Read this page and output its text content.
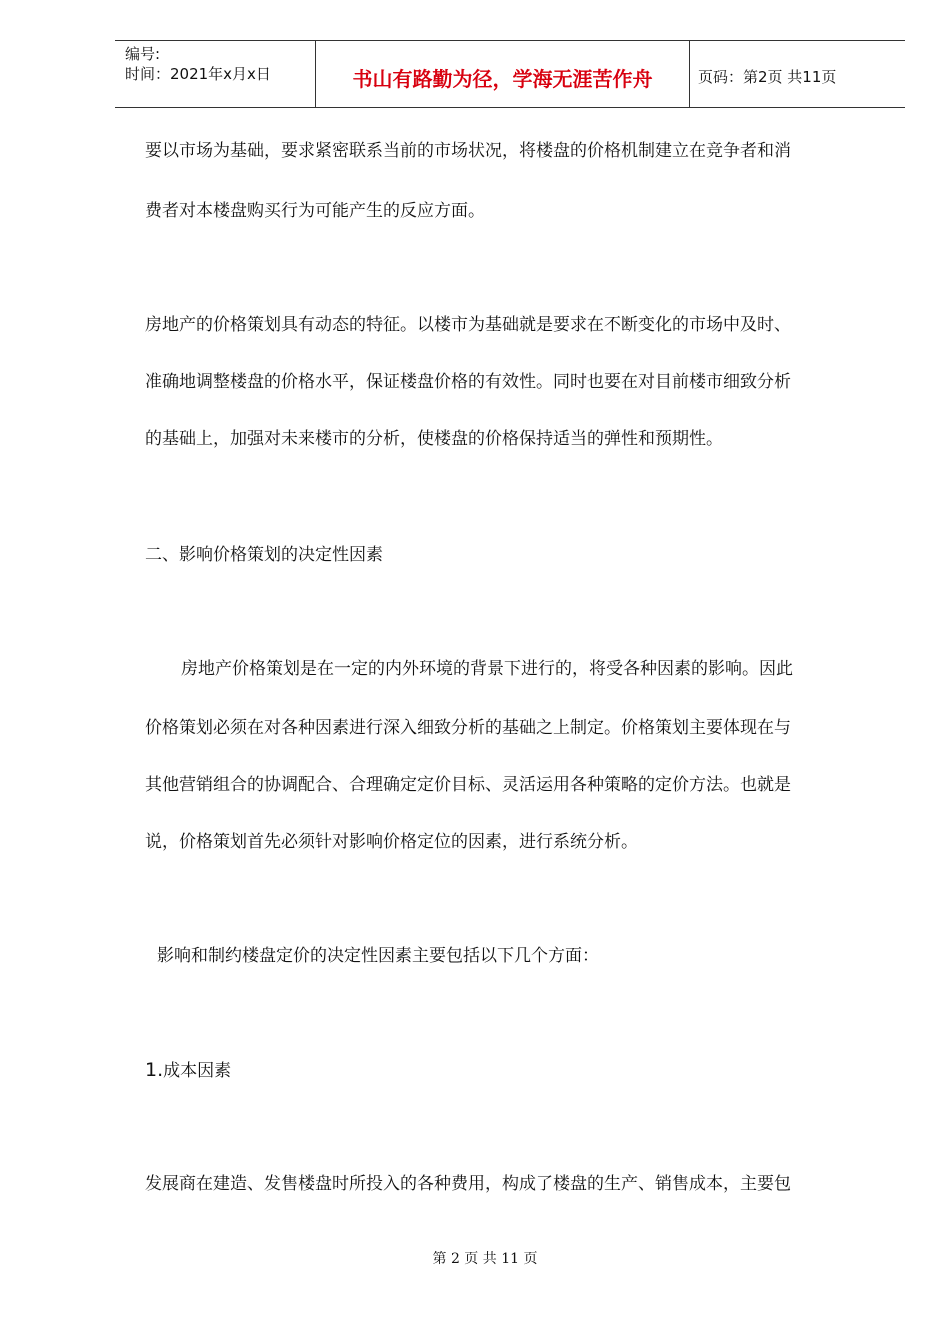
编号:
时间：2021年x月x日	书山有路勤为径，学海无涯苦作舟	页码：第2页 共11页
要以市场为基础，要求紧密联系当前的市场状况，将楼盘的价格机制建立在竞争者和消
费者对本楼盘购买行为可能产生的反应方面。
房地产的价格策划具有动态的特征。以楼市为基础就是要求在不断变化的市场中及时、
准确地调整楼盘的价格水平，保证楼盘价格的有效性。同时也要在对目前楼市细致分析
的基础上，加强对未来楼市的分析，使楼盘的价格保持适当的弹性和预期性。
二、影响价格策划的决定性因素
房地产价格策划是在一定的内外环境的背景下进行的，将受各种因素的影响。因此
价格策划必须在对各种因素进行深入细致分析的基础之上制定。价格策划主要体现在与
其他营销组合的协调配合、合理确定定价目标、灵活运用各种策略的定价方法。也就是
说，价格策划首先必须针对影响价格定位的因素，进行系统分析。
影响和制约楼盘定价的决定性因素主要包括以下几个方面：
1.成本因素
发展商在建造、发售楼盘时所投入的各种费用，构成了楼盘的生产、销售成本，主要包
第 2 页 共 11 页
